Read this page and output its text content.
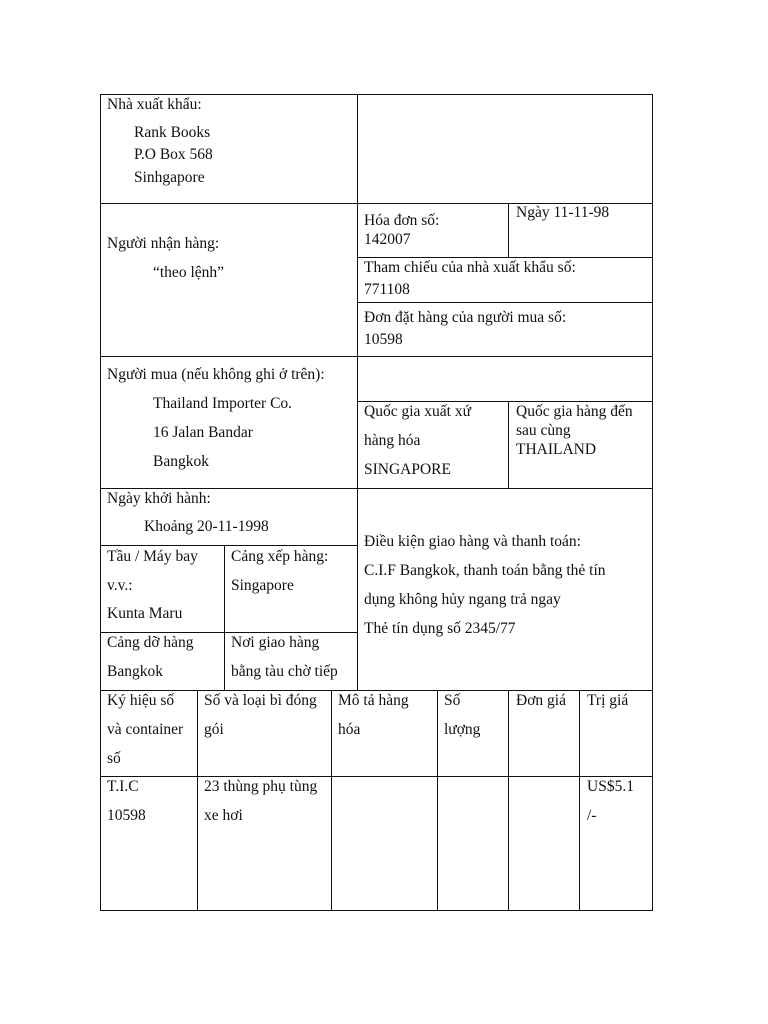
Nhà xuất khẩu:
Rank Books
P.O Box 568
Sinhgapore
Người nhận hàng:
“theo lệnh”
Hóa đơn số:
142007
Ngày 11-11-98
Tham chiếu của nhà xuất khẩu số:
771108
Đơn đặt hàng của người mua số:
10598
Người mua (nếu không ghi ở trên):
Thailand Importer Co.
16 Jalan Bandar
Bangkok
Quốc gia xuất xứ
hàng hóa
SINGAPORE
Quốc gia hàng đến
sau cùng
THAILAND
Ngày khởi hành:
Khoảng 20-11-1998
Tầu / Máy bay
v.v.:
Kunta Maru
Cảng xếp hàng:
Singapore
Cảng dỡ hàng
Bangkok
Nơi giao hàng
bằng tàu chờ tiếp
Điều kiện giao hàng và thanh toán:
C.I.F Bangkok, thanh toán bằng thẻ tín
dụng không hủy ngang trả ngay
Thẻ tín dụng số 2345/77
Ký hiệu số
và container
số
Số và loại bì đóng
gói
Mô tả hàng
hóa
Số
lượng
Đơn giá Trị giá
T.I.C
10598
23 thùng phụ tùng
xe hơi
US$5.1
/-
